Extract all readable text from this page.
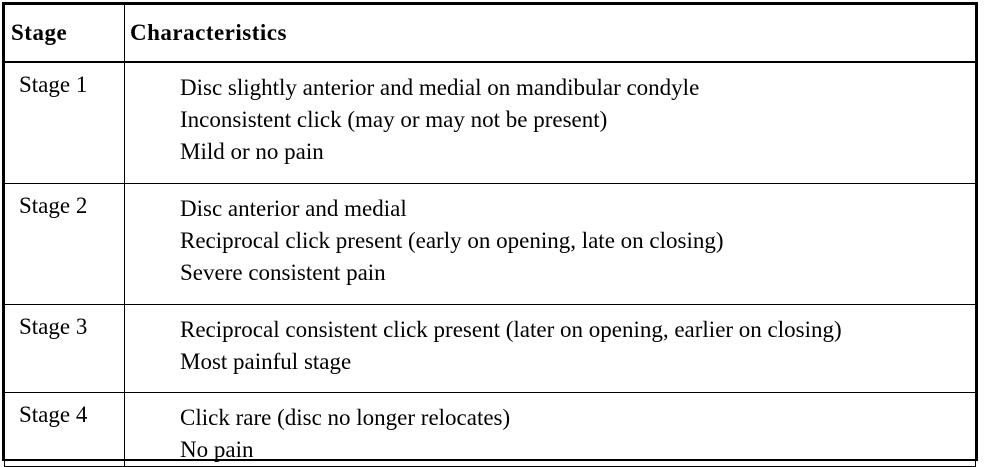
Stage	Characteristics
Stage 1	Disc slightly anterior and medial on mandibular condyle
Inconsistent click (may or may not be present)
Mild or no pain

Stage 2	Disc anterior and medial
Reciprocal click present (early on opening, late on closing)
Severe consistent pain

Stage 3	Reciprocal consistent click present (later on opening, earlier on closing)
Most painful stage

Stage 4	Click rare (disc no longer relocates)
No pain
